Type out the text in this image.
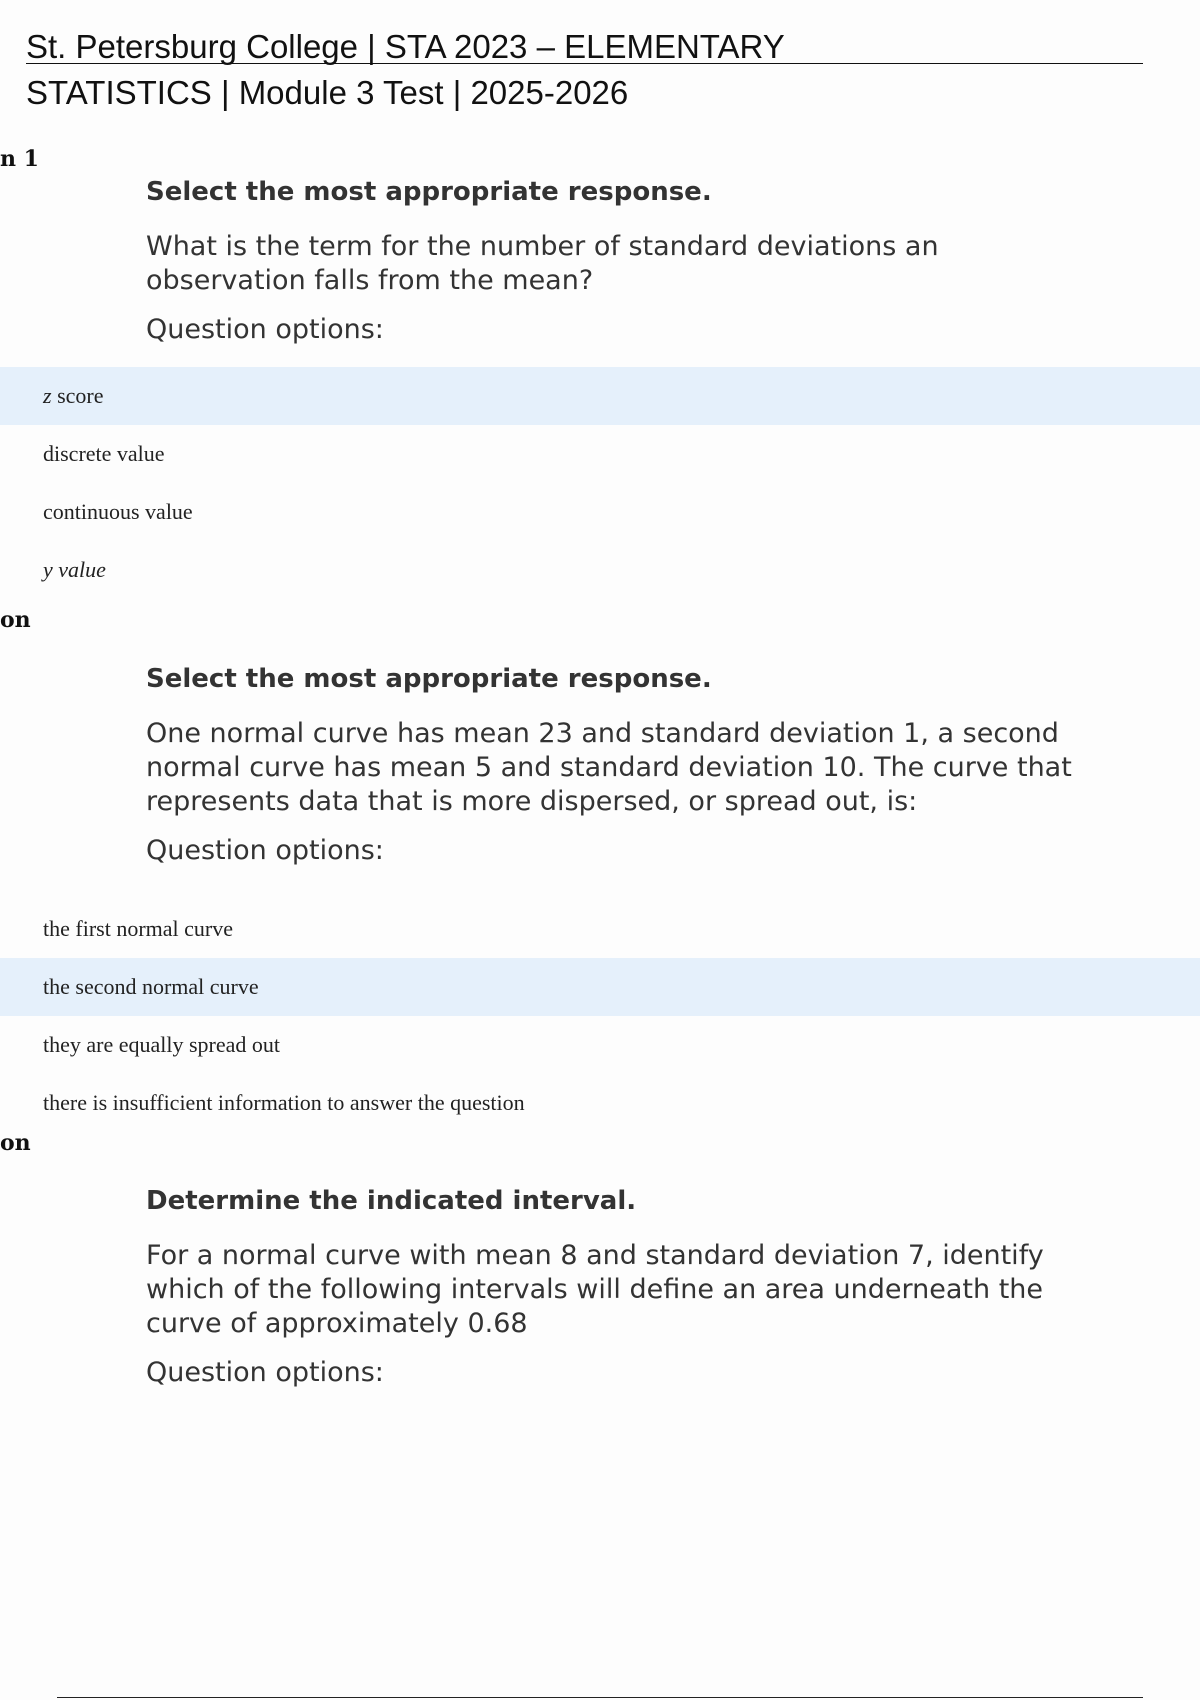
St. Petersburg College | STA 2023 – ELEMENTARY
STATISTICS | Module 3 Test | 2025-2026
n 1

Select the most appropriate response.

What is the term for the number of standard deviations an observation falls from the mean?

Question options:

z score
discrete value
continuous value
y value
on

Select the most appropriate response.

One normal curve has mean 23 and standard deviation 1, a second normal curve has mean 5 and standard deviation 10. The curve that represents data that is more dispersed, or spread out, is:

Question options:

the first normal curve
the second normal curve
they are equally spread out
there is insufficient information to answer the question
on

Determine the indicated interval.

For a normal curve with mean 8 and standard deviation 7, identify which of the following intervals will define an area underneath the curve of approximately 0.68

Question options:
